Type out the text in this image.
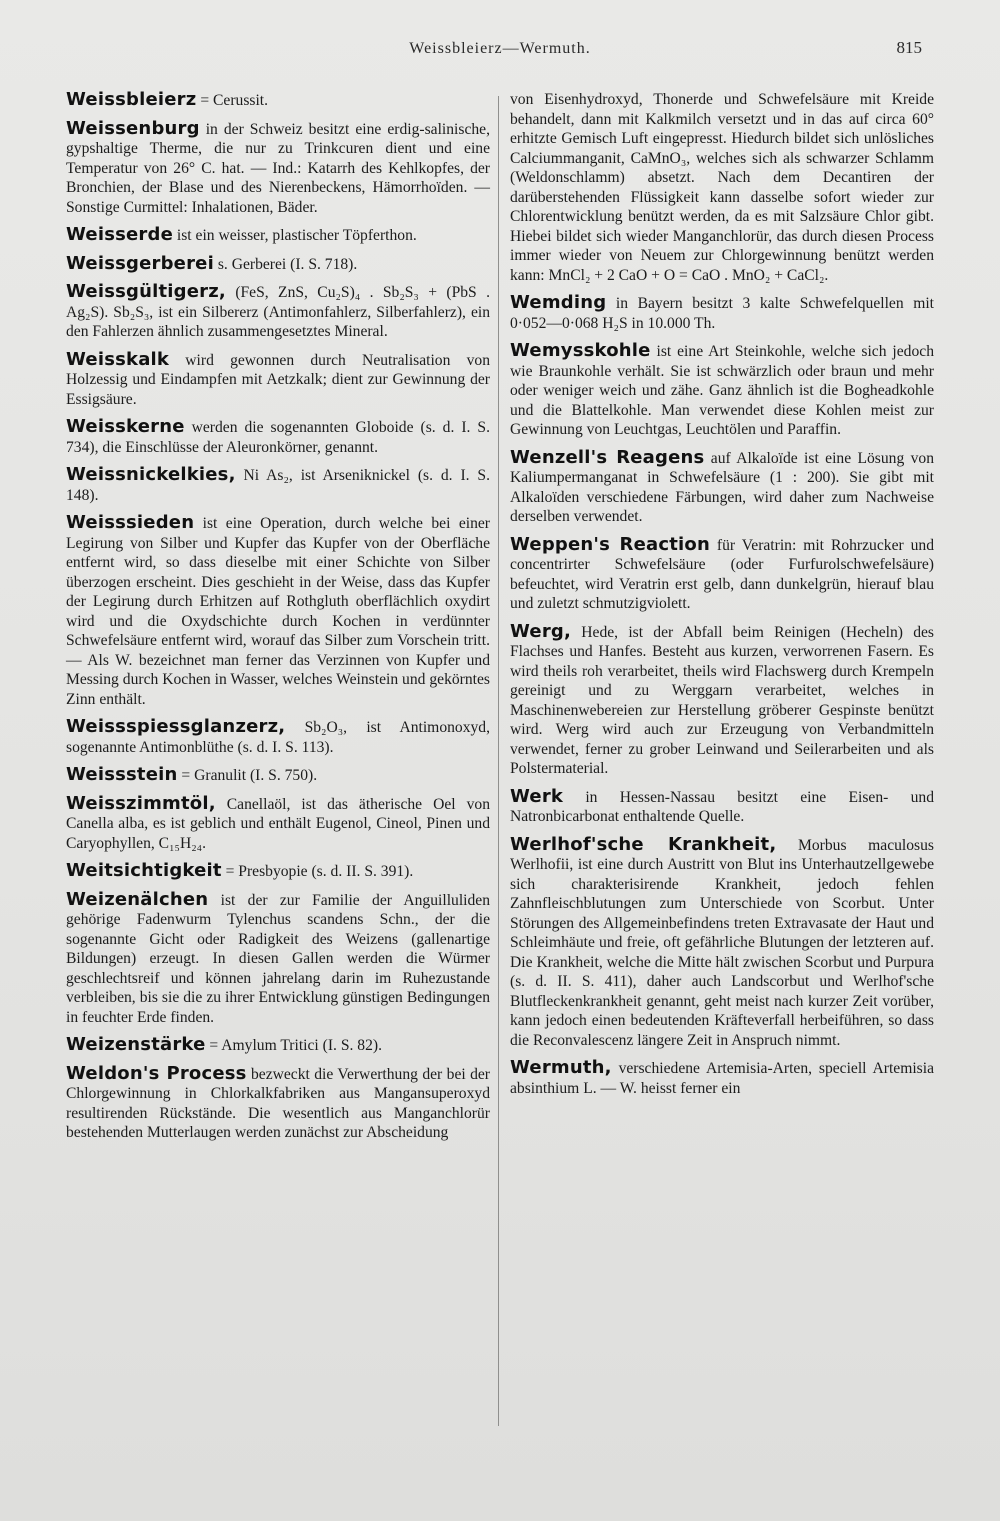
Weissbleierz—Wermuth.	815

Weissbleierz = Cerussit.

Weissenburg in der Schweiz besitzt eine erdig-salinische, gypshaltige Therme, die nur zu Trinkcuren dient und eine Temperatur von 26° C. hat. — Ind.: Katarrh des Kehlkopfes, der Bronchien, der Blase und des Nierenbeckens, Hämorrhoïden. — Sonstige Curmittel: Inhalationen, Bäder.

Weisserde ist ein weisser, plastischer Töpferthon.

Weissgerberei s. Gerberei (I. S. 718).

Weissgültigerz, (FeS, ZnS, Cu₂S)₄ . Sb₂S₃ + (PbS . Ag₂S). Sb₂S₃, ist ein Silbererz (Antimonfahlerz, Silberfahlerz), ein den Fahlerzen ähnlich zusammengesetztes Mineral.

Weisskalk wird gewonnen durch Neutralisation von Holzessig und Eindampfen mit Aetzkalk; dient zur Gewinnung der Essigsäure.

Weisskerne werden die sogenannten Globoide (s. d. I. S. 734), die Einschlüsse der Aleuronkörner, genannt.

Weissnickelkies, Ni As₂, ist Arseniknickel (s. d. I. S. 148).

Weisssieden ist eine Operation, durch welche bei einer Legirung von Silber und Kupfer das Kupfer von der Oberfläche entfernt wird, so dass dieselbe mit einer Schichte von Silber überzogen erscheint. Dies geschieht in der Weise, dass das Kupfer der Legirung durch Erhitzen auf Rothgluth oberflächlich oxydirt wird und die Oxydschichte durch Kochen in verdünnter Schwefelsäure entfernt wird, worauf das Silber zum Vorschein tritt. — Als W. bezeichnet man ferner das Verzinnen von Kupfer und Messing durch Kochen in Wasser, welches Weinstein und gekörntes Zinn enthält.

Weissspiessglanzerz, Sb₂O₃, ist Antimonoxyd, sogenannte Antimonblüthe (s. d. I. S. 113).

Weissstein = Granulit (I. S. 750).

Weisszimmtöl, Canellaöl, ist das ätherische Oel von Canella alba, es ist geblich und enthält Eugenol, Cineol, Pinen und Caryophyllen, C₁₅H₂₄.

Weitsichtigkeit = Presbyopie (s. d. II. S. 391).

Weizenälchen ist der zur Familie der Anguilluliden gehörige Fadenwurm Tylenchus scandens Schn., der die sogenannte Gicht oder Radigkeit des Weizens (gallenartige Bildungen) erzeugt. In diesen Gallen werden die Würmer geschlechtsreif und können jahrelang darin im Ruhezustande verbleiben, bis sie die zu ihrer Entwicklung günstigen Bedingungen in feuchter Erde finden.

Weizenstärke = Amylum Tritici (I. S. 82).

Weldon's Process bezweckt die Verwerthung der bei der Chlorgewinnung in Chlorkalkfabriken aus Mangansuperoxyd resultirenden Rückstände. Die wesentlich aus Manganchlorür bestehenden Mutterlaugen werden zunächst zur Abscheidung

von Eisenhydroxyd, Thonerde und Schwefelsäure mit Kreide behandelt, dann mit Kalkmilch versetzt und in das auf circa 60° erhitzte Gemisch Luft eingepresst. Hiedurch bildet sich unlösliches Calciummanganit, CaMnO₃, welches sich als schwarzer Schlamm (Weldonschlamm) absetzt. Nach dem Decantiren der darüberstehenden Flüssigkeit kann dasselbe sofort wieder zur Chlorentwicklung benützt werden, da es mit Salzsäure Chlor gibt. Hiebei bildet sich wieder Manganchlorür, das durch diesen Process immer wieder von Neuem zur Chlorgewinnung benützt werden kann: MnCl₂ + 2 CaO + O = CaO . MnO₂ + CaCl₂.

Wemding in Bayern besitzt 3 kalte Schwefelquellen mit 0·052—0·068 H₂S in 10.000 Th.

Wemysskohle ist eine Art Steinkohle, welche sich jedoch wie Braunkohle verhält. Sie ist schwärzlich oder braun und mehr oder weniger weich und zähe. Ganz ähnlich ist die Bogheadkohle und die Blattelkohle. Man verwendet diese Kohlen meist zur Gewinnung von Leuchtgas, Leuchtölen und Paraffin.

Wenzell's Reagens auf Alkaloïde ist eine Lösung von Kaliumpermanganat in Schwefelsäure (1 : 200). Sie gibt mit Alkaloïden verschiedene Färbungen, wird daher zum Nachweise derselben verwendet.

Weppen's Reaction für Veratrin: mit Rohrzucker und concentrirter Schwefelsäure (oder Furfurolschwefelsäure) befeuchtet, wird Veratrin erst gelb, dann dunkelgrün, hierauf blau und zuletzt schmutzigviolett.

Werg, Hede, ist der Abfall beim Reinigen (Hecheln) des Flachses und Hanfes. Besteht aus kurzen, verworrenen Fasern. Es wird theils roh verarbeitet, theils wird Flachswerg durch Krempeln gereinigt und zu Werggarn verarbeitet, welches in Maschinenwebereien zur Herstellung gröberer Gespinste benützt wird. Werg wird auch zur Erzeugung von Verbandmitteln verwendet, ferner zu grober Leinwand und Seilerarbeiten und als Polstermaterial.

Werk in Hessen-Nassau besitzt eine Eisen- und Natronbicarbonat enthaltende Quelle.

Werlhof'sche Krankheit, Morbus maculosus Werlhofii, ist eine durch Austritt von Blut ins Unterhautzellgewebe sich charakterisirende Krankheit, jedoch fehlen Zahnfleischblutungen zum Unterschiede von Scorbut. Unter Störungen des Allgemeinbefindens treten Extravasate der Haut und Schleimhäute und freie, oft gefährliche Blutungen der letzteren auf. Die Krankheit, welche die Mitte hält zwischen Scorbut und Purpura (s. d. II. S. 411), daher auch Landscorbut und Werlhof'sche Blutfleckenkrankheit genannt, geht meist nach kurzer Zeit vorüber, kann jedoch einen bedeutenden Kräfteverfall herbeiführen, so dass die Reconvalescenz längere Zeit in Anspruch nimmt.

Wermuth, verschiedene Artemisia-Arten, speciell Artemisia absinthium L. — W. heisst ferner ein
